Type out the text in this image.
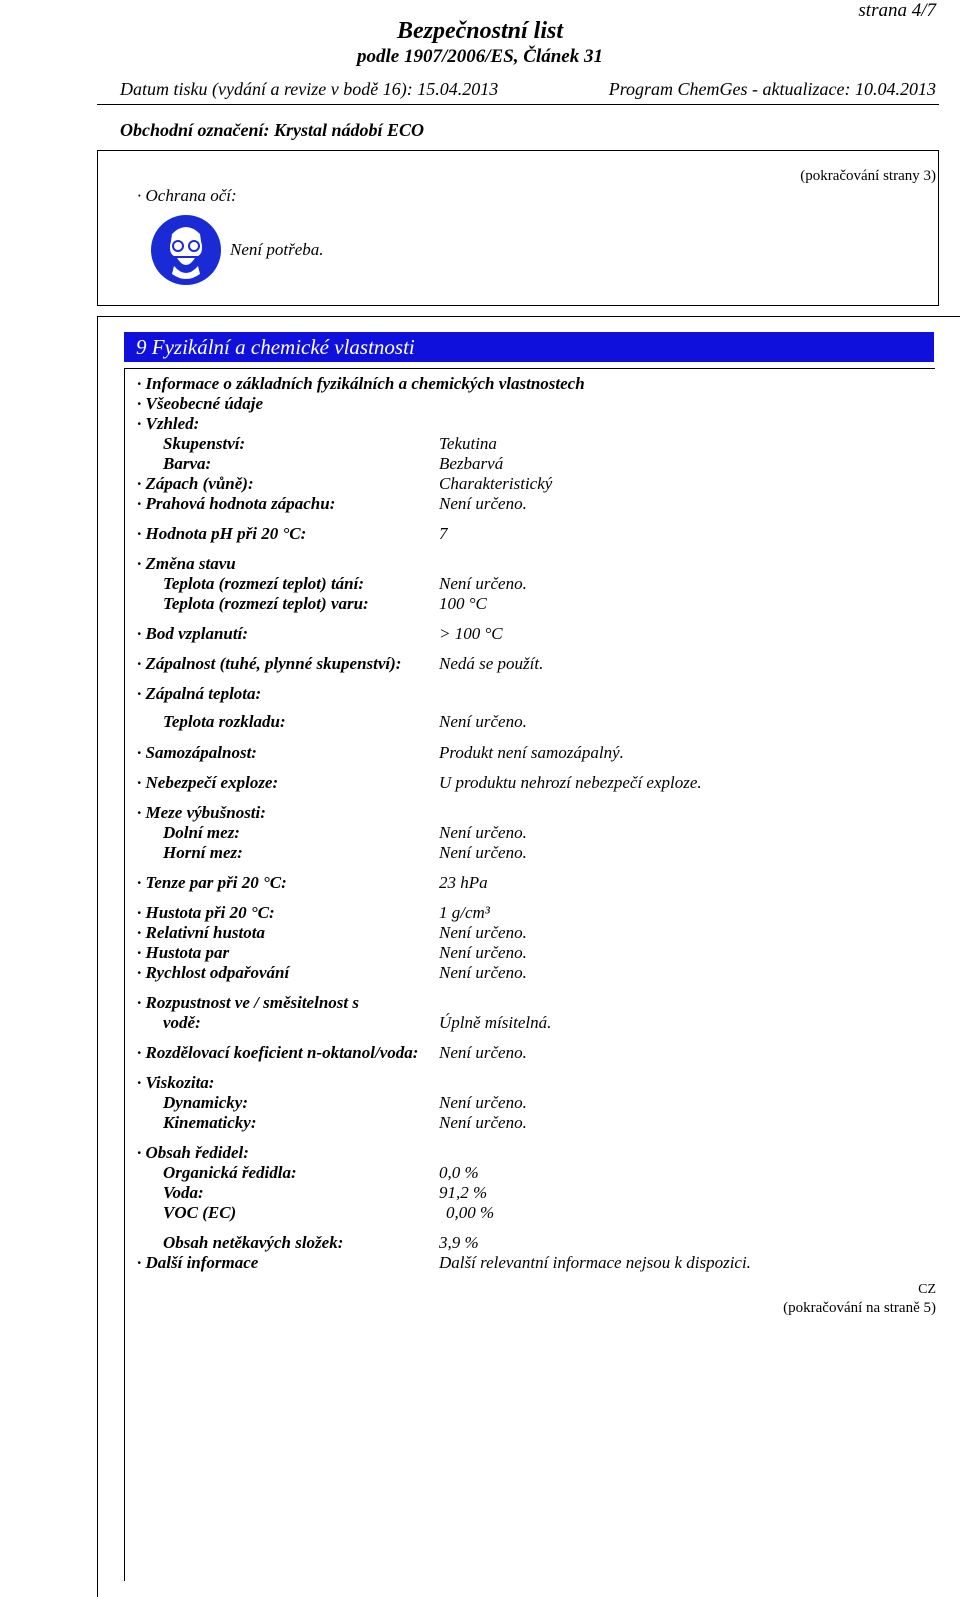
strana 4/7
Bezpečnostní list
podle 1907/2006/ES, Článek 31
Datum tisku (vydání a revize v bodě 16): 15.04.2013	Program ChemGes - aktualizace: 10.04.2013
Obchodní označení: Krystal nádobí ECO
· Ochrana očí:
(pokračování strany 3)
Není potřeba.
9 Fyzikální a chemické vlastnosti
· Informace o základních fyzikálních a chemických vlastnostech
· Všeobecné údaje
· Vzhled:
Skupenství:	Tekutina
Barva:	Bezbarvá
· Zápach (vůně):	Charakteristický
· Prahová hodnota zápachu:	Není určeno.
· Hodnota pH při 20 °C:	7
· Změna stavu
Teplota (rozmezí teplot) tání:	Není určeno.
Teplota (rozmezí teplot) varu:	100 °C
· Bod vzplanutí:	> 100 °C
· Zápalnost (tuhé, plynné skupenství): Nedá se použít.
· Zápalná teplota:
Teplota rozkladu:	Není určeno.
· Samozápalnost:	Produkt není samozápalný.
· Nebezpečí exploze:	U produktu nehrozí nebezpečí exploze.
· Meze výbušnosti:
Dolní mez:	Není určeno.
Horní mez:	Není určeno.
· Tenze par při 20 °C:	23 hPa
· Hustota při 20 °C:	1 g/cm³
· Relativní hustota	Není určeno.
· Hustota par	Není určeno.
· Rychlost odpařování	Není určeno.
· Rozpustnost ve / směsitelnost s
vodě:	Úplně mísitelná.
· Rozdělovací koeficient n-oktanol/voda: Není určeno.
· Viskozita:
Dynamicky:	Není určeno.
Kinematicky:	Není určeno.
· Obsah ředidel:
Organická ředidla:	0,0 %
Voda:	91,2 %
VOC (EC)	0,00 %
Obsah netěkavých složek:	3,9 %
· Další informace	Další relevantní informace nejsou k dispozici.
CZ
(pokračování na straně 5)
